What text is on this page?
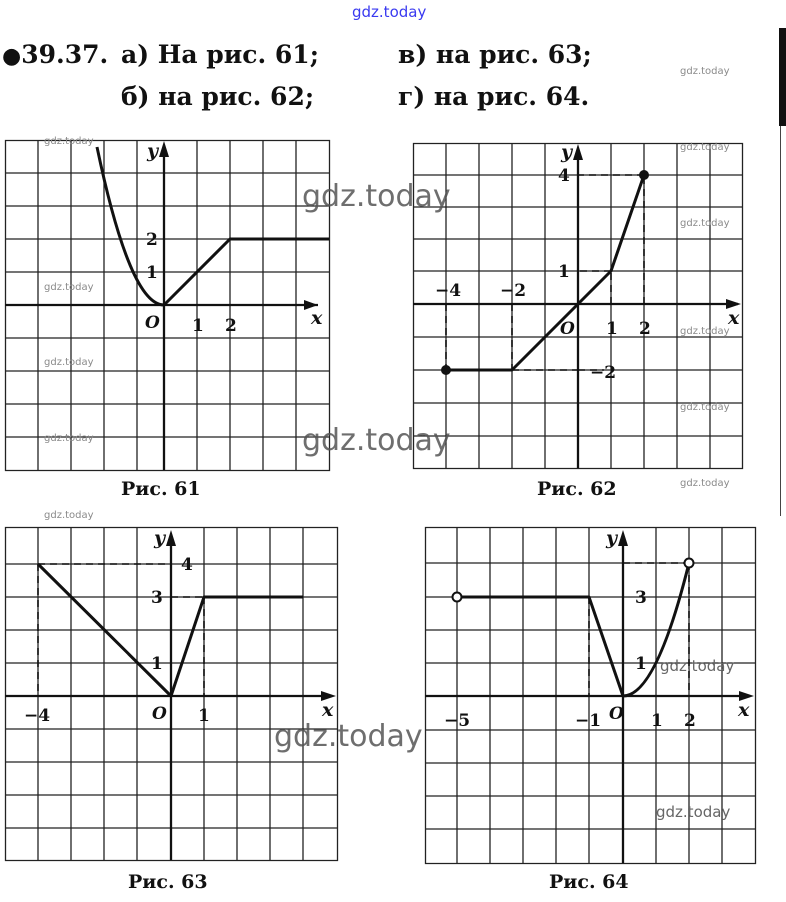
gdz.today
●39.37. а) На рис. 61;	в) на рис. 63;
б) на рис. 62;	г) на рис. 64.
y
x
O 1 2
1
2
Рис. 61
y
x
O
−4 −2
1 2
4
1
−2
Рис. 62
y
x
O
−4	1
4
3
1
Рис. 63
y
x
O
−5	−1	1 2
3
1
Рис. 64
gdz.today
gdz.today
gdz.today
gdz.today
gdz.today
gdz.today
gdz.today
gdz.today
gdz.today
gdz.today
gdz.today
gdz.today
gdz.today
gdz.today
gdz.today
gdz.today
